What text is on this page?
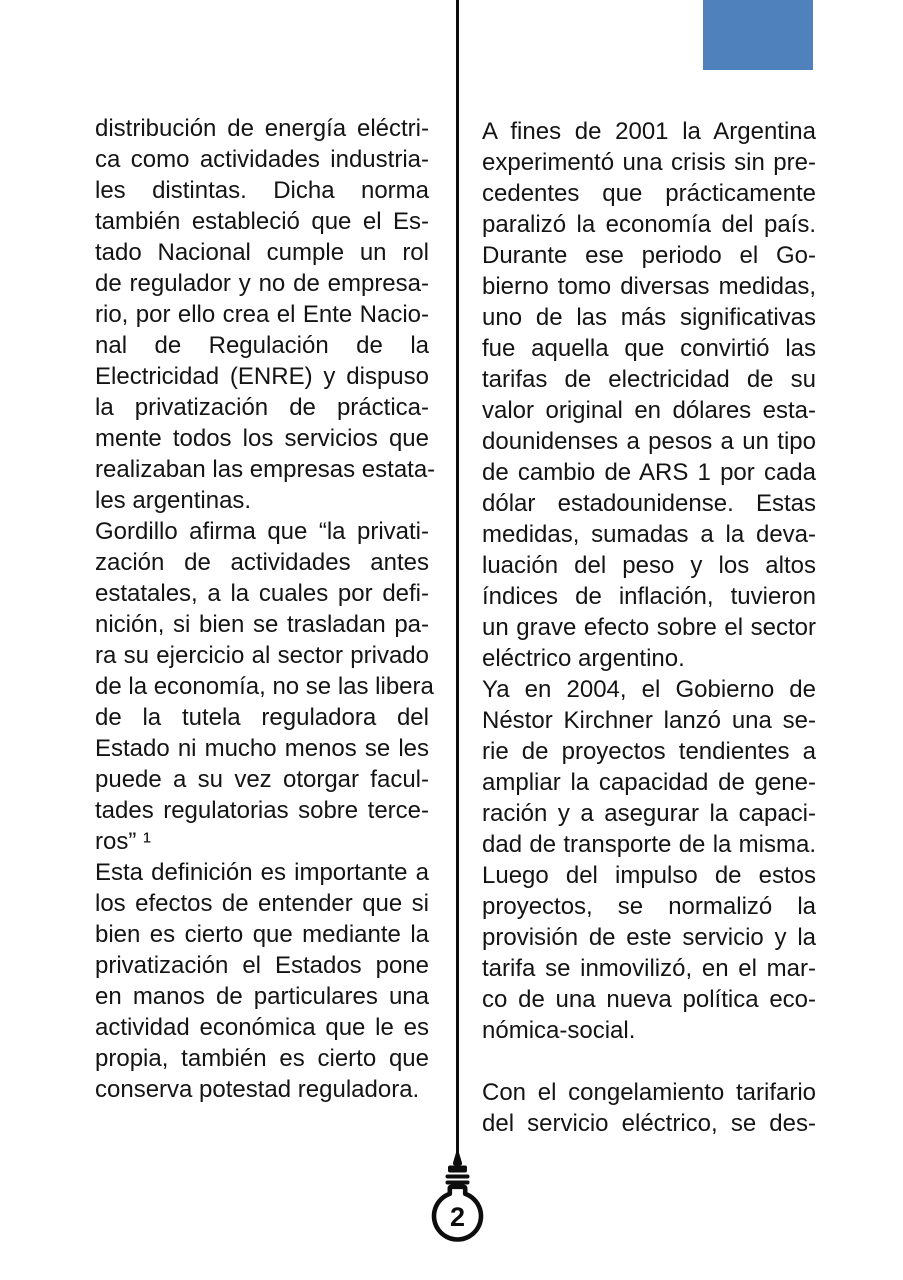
distribución de energía eléctri-
ca como actividades industria-
les distintas. Dicha norma
también estableció que el Es-
tado Nacional cumple un rol
de regulador y no de empresa-
rio, por ello crea el Ente Nacio-
nal de Regulación de la
Electricidad (ENRE) y dispuso
la privatización de práctica-
mente todos los servicios que
realizaban las empresas estata-
les argentinas.
Gordillo afirma que “la privati-
zación de actividades antes
estatales, a la cuales por defi-
nición, si bien se trasladan pa-
ra su ejercicio al sector privado
de la economía, no se las libera
de la tutela reguladora del
Estado ni mucho menos se les
puede a su vez otorgar facul-
tades regulatorias sobre terce-
ros” ¹
Esta definición es importante a
los efectos de entender que si
bien es cierto que mediante la
privatización el Estados pone
en manos de particulares una
actividad económica que le es
propia, también es cierto que
conserva potestad reguladora.
A fines de 2001 la Argentina
experimentó una crisis sin pre-
cedentes que prácticamente
paralizó la economía del país.
Durante ese periodo el Go-
bierno tomo diversas medidas,
uno de las más significativas
fue aquella que convirtió las
tarifas de electricidad de su
valor original en dólares esta-
dounidenses a pesos a un tipo
de cambio de ARS 1 por cada
dólar estadounidense. Estas
medidas, sumadas a la deva-
luación del peso y los altos
índices de inflación, tuvieron
un grave efecto sobre el sector
eléctrico argentino.
Ya en 2004, el Gobierno de
Néstor Kirchner lanzó una se-
rie de proyectos tendientes a
ampliar la capacidad de gene-
ración y a asegurar la capaci-
dad de transporte de la misma.
Luego del impulso de estos
proyectos, se normalizó la
provisión de este servicio y la
tarifa se inmovilizó, en el mar-
co de una nueva política eco-
nómica-social.
Con el congelamiento tarifario
del servicio eléctrico, se des-
2
